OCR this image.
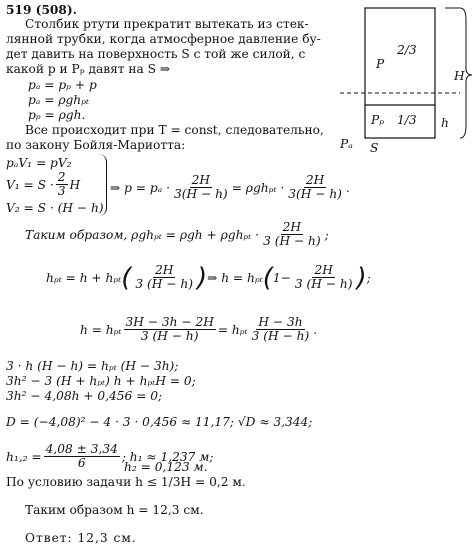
519 (508).
Столбик ртути прекратит вытекать из стек-
лянной трубки, когда атмосферное давление бу-
дет давить на поверхность S с той же силой, с
какой p и Pₚ давят на S ⇒
pₐ = pₚ + p
pₐ = ρghₚₜ
pₚ = ρgh.
Все происходит при T = const, следовательно,
по закону Бойля-Мариотта:
2/3
P
H
1/3
Pₚ	h
Pₐ S
pₐV₁ = pV₂
$V_1 = S \cdot \frac{2}{3}$ H
V₂ = S · (H − h)
⇒ $p = p_a \cdot \frac{2H}{3(H - h)} = \rho gh_{pt} \cdot \frac{2H}{3(H - h)}$ .
Таким образом, $\rho gh_{pt} = \rho gh + \rho gh_{pt} \cdot \frac{2H}{3 (H - h)}$ ;
hₚₜ = h + hₚₜ ( $\frac{2H}{3 (H - h)}$ ) ⇒ h = hₚₜ ( $1- \frac{2H}{3 (H - h)}$ ) ;
h = hₚₜ $\frac{3H - 3h - 2H}{3 (H - h)} = h_{pt} \frac{H - 3h}{3 (H - h)}$ .
3 · h (H − h) = hₚₜ (H − 3h);
3h² − 3 (H + hₚₜ) h + hₚₜH = 0;
3h² − 4,08h + 0,456 = 0;
D = (−4,08)² − 4 · 3 · 0,456 ≈ 11,17; √D ≈ 3,344;
$h_1,_2 = \frac{4,08 \pm 3,34}{6}$ ; h₁ ≈ 1,237 м;
h₂ = 0,123 м.
По условию задачи h ≤ 1/3H = 0,2 м.
Таким образом h = 12,3 см.
Ответ: 12,3 см.
